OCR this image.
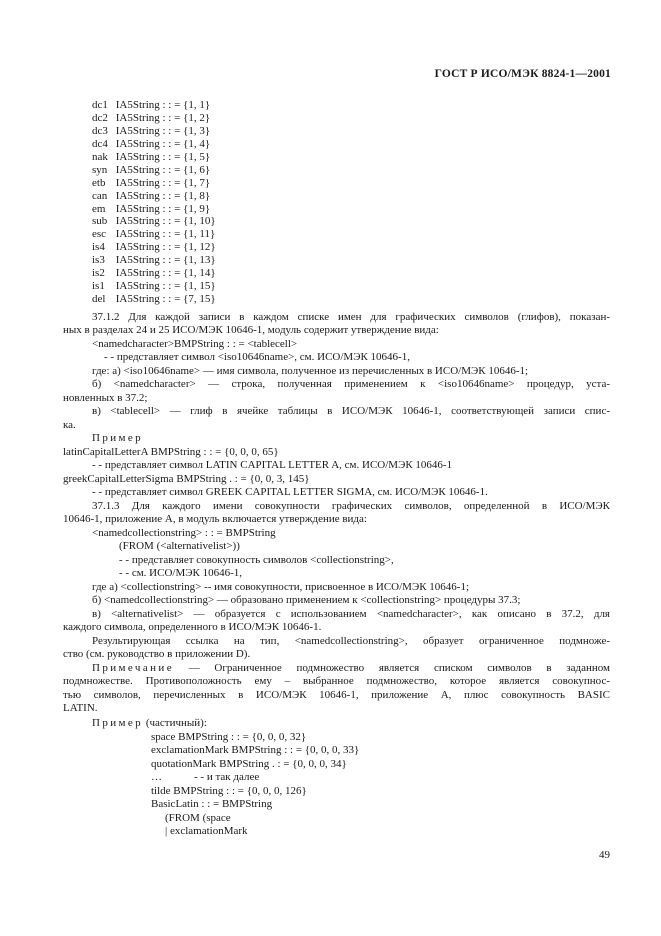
ГОСТ Р ИСО/МЭК 8824-1—2001
dc1 IA5String : : = {1, 1}
dc2 IA5String : : = {1, 2}
dc3 IA5String : : = {1, 3}
dc4 IA5String : : = {1, 4}
nak IA5String : : = {1, 5}
syn IA5String : : = {1, 6}
etb IA5String : : = {1, 7}
can IA5String : : = {1, 8}
em IA5String : : = {1, 9}
sub IA5String : : = {1, 10}
esc IA5String : : = {1, 11}
is4 IA5String : : = {1, 12}
is3 IA5String : : = {1, 13}
is2 IA5String : : = {1, 14}
is1 IA5String : : = {1, 15}
del IA5String : : = {7, 15}
37.1.2 Для каждой записи в каждом списке имен для графических символов (глифов), показан-
ных в разделах 24 и 25 ИСО/МЭК 10646-1, модуль содержит утверждение вида:
<namedcharacter>BMPString : : = <tablecell>
- - представляет символ <iso10646name>, см. ИСО/МЭК 10646-1,
где: а) <iso10646name> — имя символа, полученное из перечисленных в ИСО/МЭК 10646-1;
б) <namedcharacter> — строка, полученная применением к <iso10646name> процедур, уста-
новленных в 37.2;
в) <tablecell> — глиф в ячейке таблицы в ИСО/МЭК 10646-1, соответствующей записи спис-
ка.
Пример
latinCapitalLetterA BMPString : : = {0, 0, 0, 65}
- - представляет символ LATIN CAPITAL LETTER A, см. ИСО/МЭК 10646-1
greekCapitalLetterSigma BMPString . : = {0, 0, 3, 145}
- - представляет символ GREEK CAPITAL LETTER SIGMA, см. ИСО/МЭК 10646-1.
37.1.3 Для каждого имени совокупности графических символов, определенной в ИСО/МЭК
10646-1, приложение А, в модуль включается утверждение вида:
<namedcollectionstring> : : = BMPString
(FROM (<alternativelist>))
- - представляет совокупность символов <collectionstring>,
- - см. ИСО/МЭК 10646-1,
где а) <collectionstring> -- имя совокупности, присвоенное в ИСО/МЭК 10646-1;
б) <namedcollectionstring> — образовано применением к <collectionstring> процедуры 37.3;
в) <alternativelist> — образуется с использованием <namedcharacter>, как описано в 37.2, для
каждого символа, определенного в ИСО/МЭК 10646-1.
Результирующая ссылка на тип, <namedcollectionstring>, образует ограниченное подмноже-
ство (см. руководство в приложении D).
Примечание — Ограниченное подмножество является списком символов в заданном
подмножестве. Противоположность ему – выбранное подмножество, которое является совокупнос-
тью символов, перечисленных в ИСО/МЭК 10646-1, приложение А, плюс совокупность BASIC
LATIN.
Пример (частичный):
space BMPString : : = {0, 0, 0, 32}
exclamationMark BMPString : : = {0, 0, 0, 33}
quotationMark BMPString . : = {0, 0, 0, 34}
…	- - и так далее
tilde BMPString : : = {0, 0, 0, 126}
BasicLatin : : = BMPString
(FROM (space
| exclamationMark
49
